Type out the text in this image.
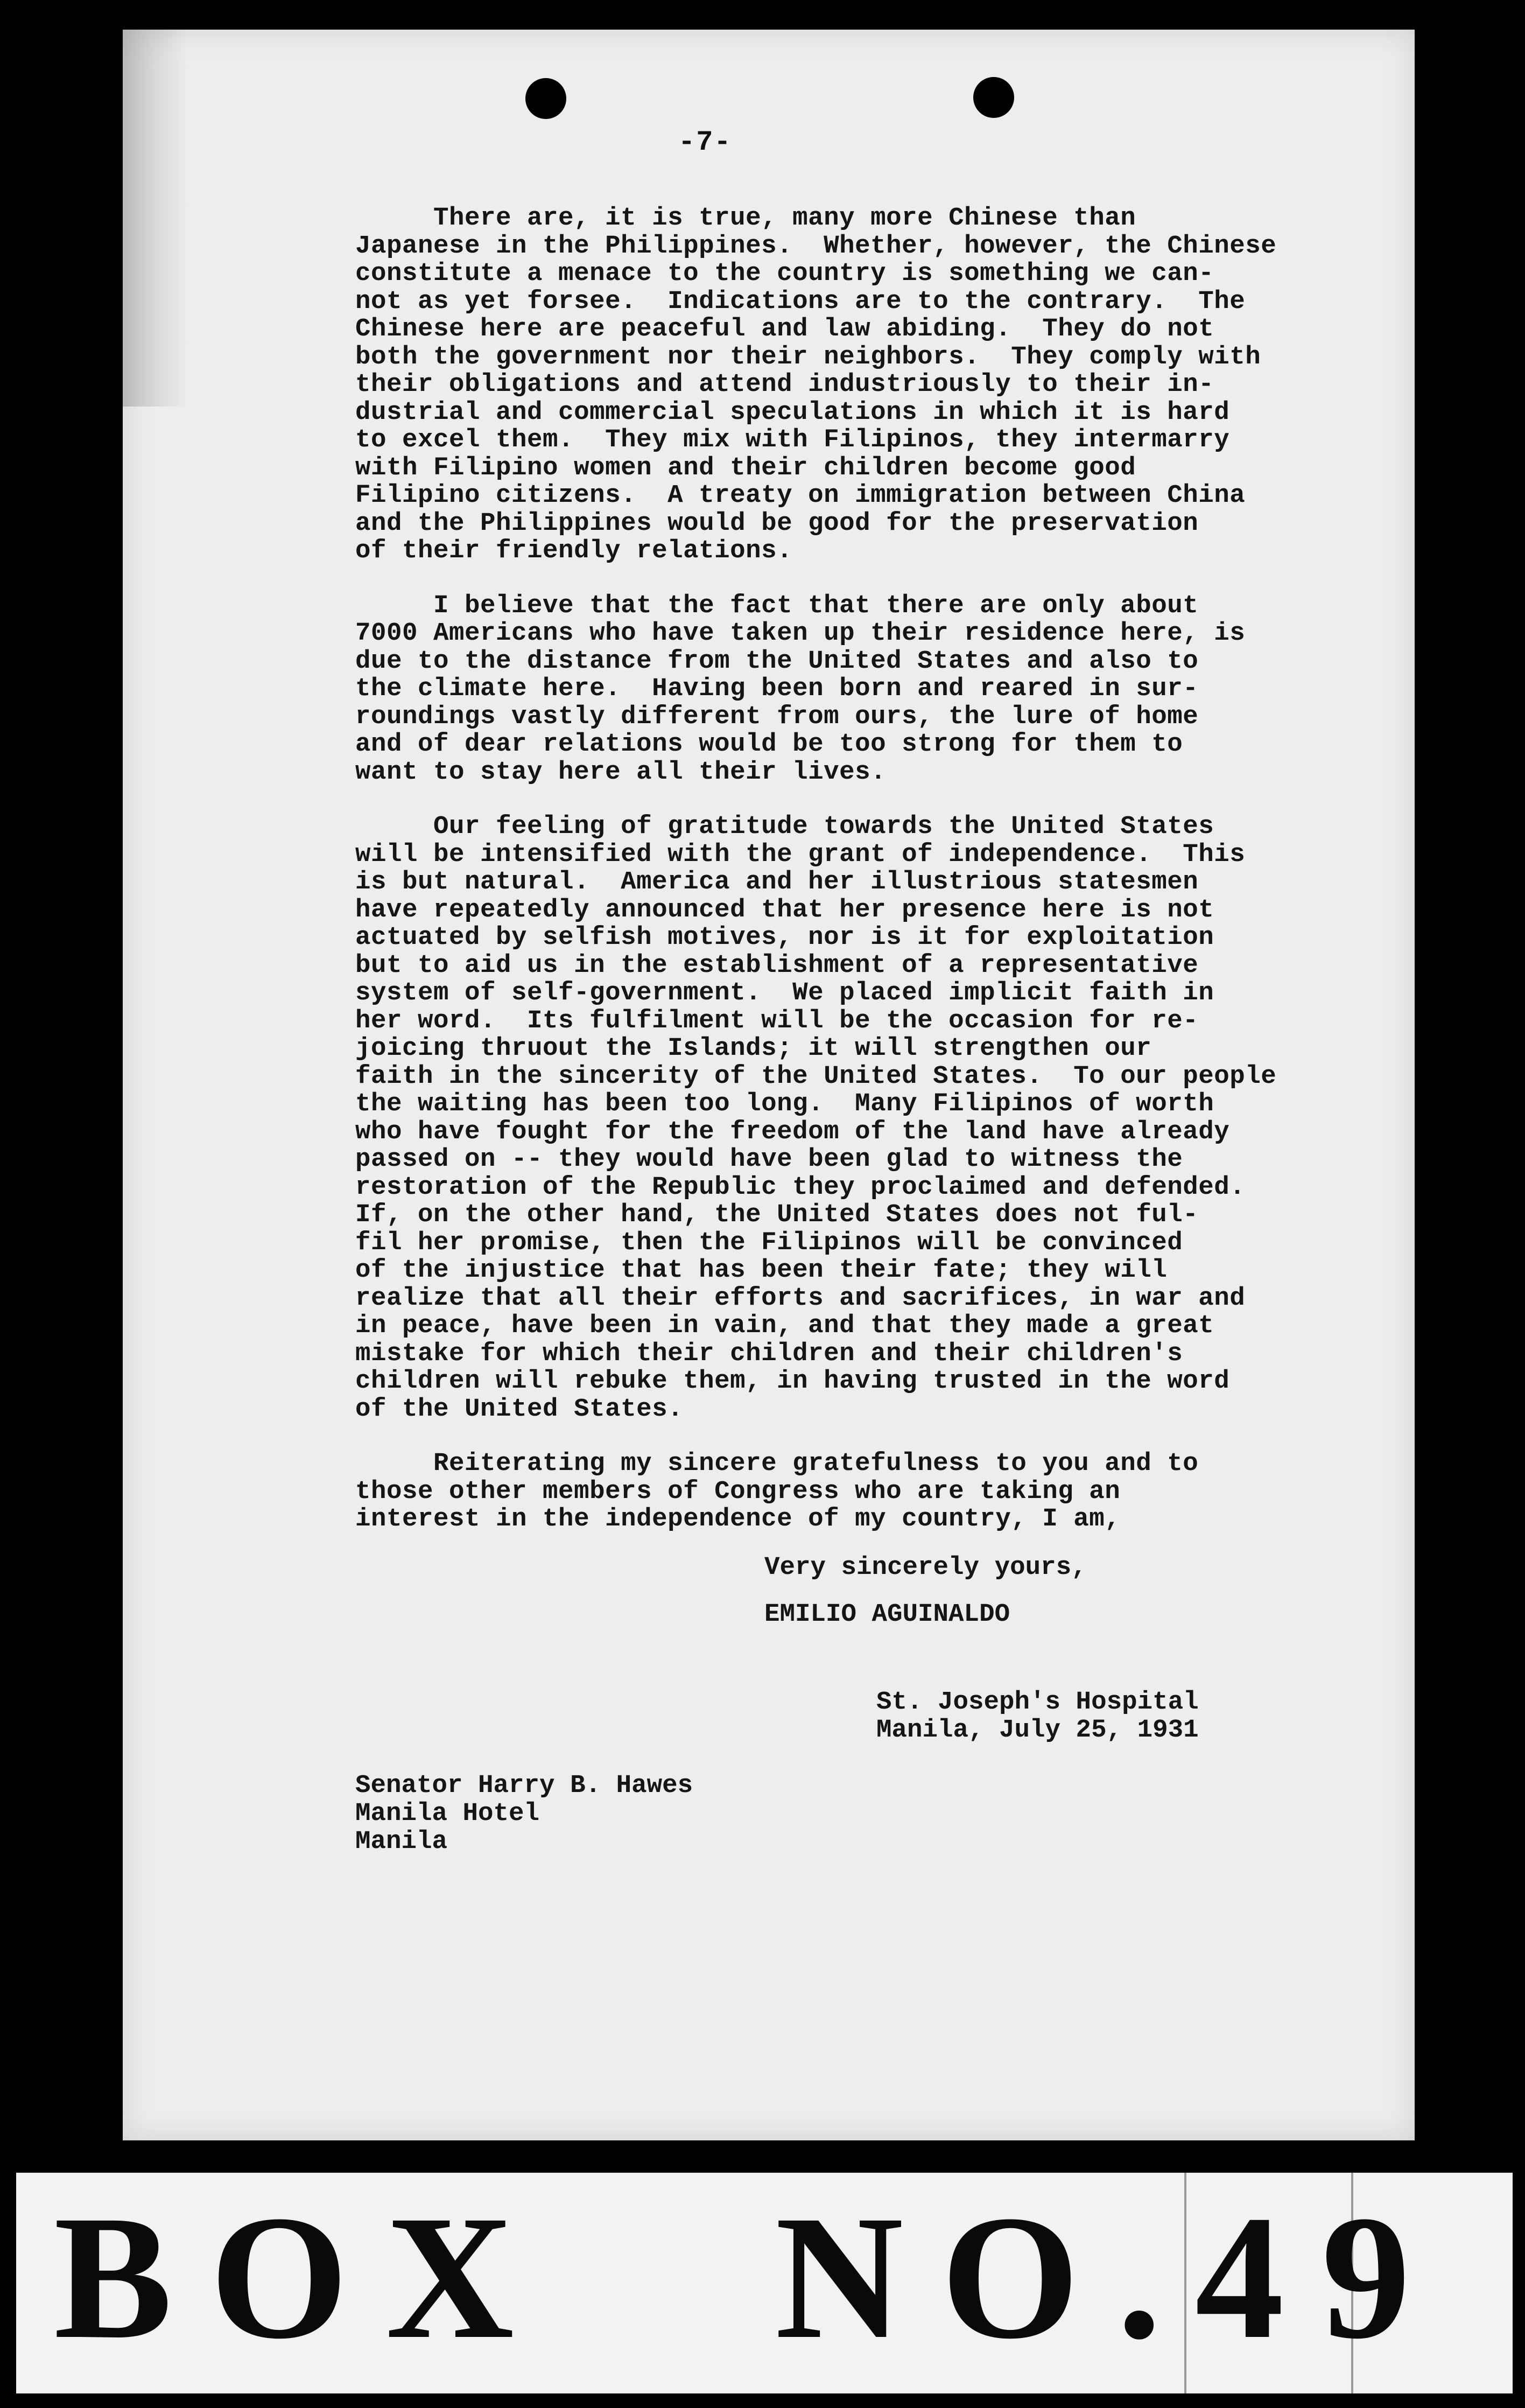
-7-
There are, it is true, many more Chinese than
Japanese in the Philippines.  Whether, however, the Chinese
constitute a menace to the country is something we can-
not as yet forsee.  Indications are to the contrary.  The
Chinese here are peaceful and law abiding.  They do not
both the government nor their neighbors.  They comply with
their obligations and attend industriously to their in-
dustrial and commercial speculations in which it is hard
to excel them.  They mix with Filipinos, they intermarry
with Filipino women and their children become good
Filipino citizens.  A treaty on immigration between China
and the Philippines would be good for the preservation
of their friendly relations.
I believe that the fact that there are only about
7000 Americans who have taken up their residence here, is
due to the distance from the United States and also to
the climate here.  Having been born and reared in sur-
roundings vastly different from ours, the lure of home
and of dear relations would be too strong for them to
want to stay here all their lives.
Our feeling of gratitude towards the United States
will be intensified with the grant of independence.  This
is but natural.  America and her illustrious statesmen
have repeatedly announced that her presence here is not
actuated by selfish motives, nor is it for exploitation
but to aid us in the establishment of a representative
system of self-government.  We placed implicit faith in
her word.  Its fulfilment will be the occasion for re-
joicing thruout the Islands; it will strengthen our
faith in the sincerity of the United States.  To our people
the waiting has been too long.  Many Filipinos of worth
who have fought for the freedom of the land have already
passed on -- they would have been glad to witness the
restoration of the Republic they proclaimed and defended.
If, on the other hand, the United States does not ful-
fil her promise, then the Filipinos will be convinced
of the injustice that has been their fate; they will
realize that all their efforts and sacrifices, in war and
in peace, have been in vain, and that they made a great
mistake for which their children and their children's
children will rebuke them, in having trusted in the word
of the United States.
Reiterating my sincere gratefulness to you and to
those other members of Congress who are taking an
interest in the independence of my country, I am,
Very sincerely yours,
EMILIO AGUINALDO
St. Joseph's Hospital
Manila, July 25, 1931
Senator Harry B. Hawes
Manila Hotel
Manila
BOX NO.
49
